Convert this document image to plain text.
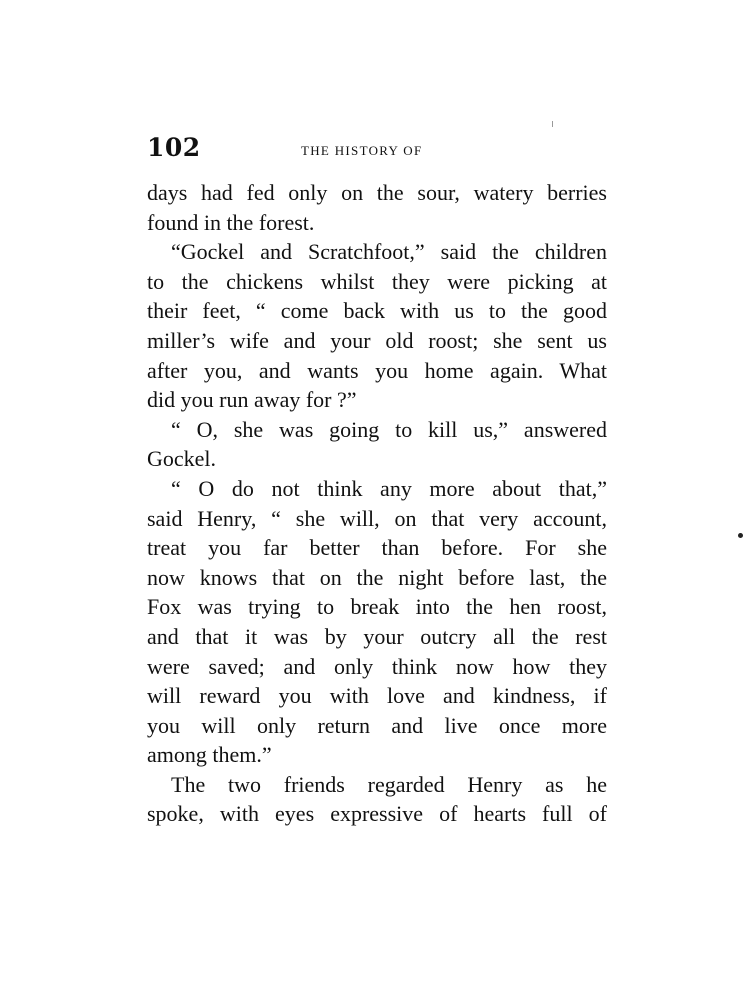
102	THE HISTORY OF
days had fed only on the sour, watery berries
found in the forest.
“Gockel and Scratchfoot,” said the children
to the chickens whilst they were picking at
their feet, “ come back with us to the good
miller’s wife and your old roost; she sent us
after you, and wants you home again. What
did you run away for ?”
“ O, she was going to kill us,” answered
Gockel.
“ O do not think any more about that,”
said Henry, “ she will, on that very account,
treat you far better than before. For she
now knows that on the night before last, the
Fox was trying to break into the hen roost,
and that it was by your outcry all the rest
were saved; and only think now how they
will reward you with love and kindness, if
you will only return and live once more
among them.”
The two friends regarded Henry as he
spoke, with eyes expressive of hearts full of
